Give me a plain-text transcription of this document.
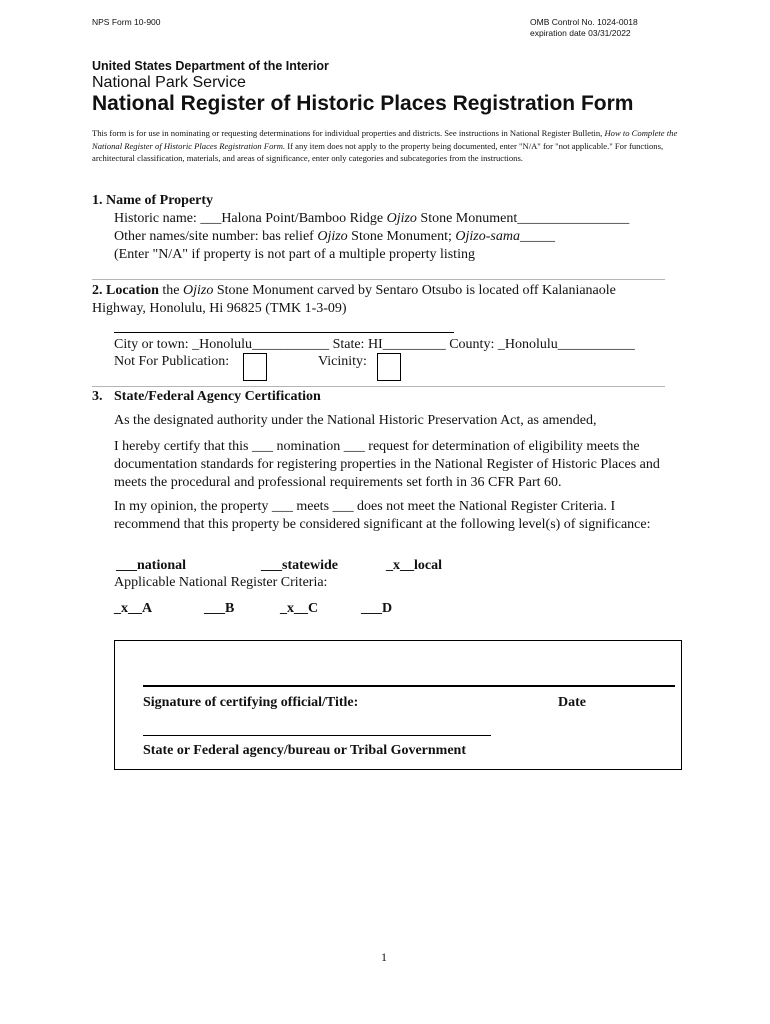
NPS Form 10-900	OMB Control No. 1024-0018
expiration date 03/31/2022
United States Department of the Interior
National Park Service
National Register of Historic Places Registration Form
This form is for use in nominating or requesting determinations for individual properties and districts. See instructions in National Register Bulletin, How to Complete the National Register of Historic Places Registration Form. If any item does not apply to the property being documented, enter "N/A" for "not applicable." For functions, architectural classification, materials, and areas of significance, enter only categories and subcategories from the instructions.
1. Name of Property
Historic name: ___Halona Point/Bamboo Ridge Ojizo Stone Monument________________
Other names/site number: bas relief Ojizo Stone Monument; Ojizo-sama_____
(Enter "N/A" if property is not part of a multiple property listing
2. Location the Ojizo Stone Monument carved by Sentaro Otsubo is located off Kalanianaole
Highway, Honolulu, Hi 96825 (TMK 1-3-09)
City or town: _Honolulu___________ State: HI_________ County: _Honolulu___________
Not For Publication:	Vicinity:
3. State/Federal Agency Certification
As the designated authority under the National Historic Preservation Act, as amended,
I hereby certify that this ___ nomination ___ request for determination of eligibility meets the documentation standards for registering properties in the National Register of Historic Places and meets the procedural and professional requirements set forth in 36 CFR Part 60.
In my opinion, the property ___ meets ___ does not meet the National Register Criteria. I recommend that this property be considered significant at the following level(s) of significance:
___national	___statewide	_x__local
Applicable National Register Criteria:
_x__A	___B	_x__C	___D
Signature of certifying official/Title:	Date
State or Federal agency/bureau or Tribal Government
1
